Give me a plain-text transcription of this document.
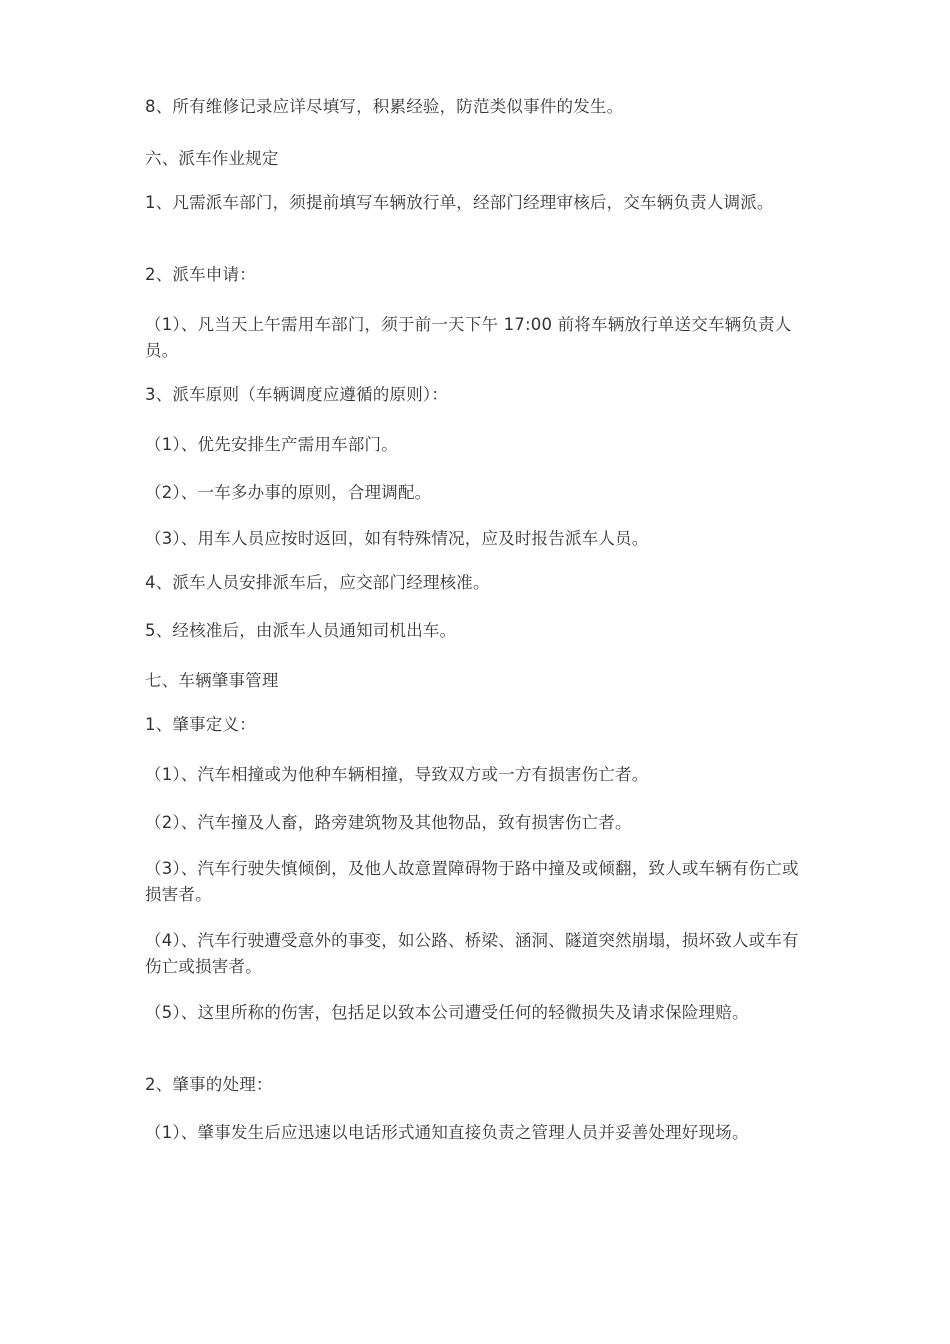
8、所有维修记录应详尽填写，积累经验，防范类似事件的发生。

六、派车作业规定

1、凡需派车部门，须提前填写车辆放行单，经部门经理审核后，交车辆负责人调派。

2、派车申请：

（1）、凡当天上午需用车部门，须于前一天下午 17:00 前将车辆放行单送交车辆负责人员。

3、派车原则（车辆调度应遵循的原则）：

（1）、优先安排生产需用车部门。

（2）、一车多办事的原则，合理调配。

（3）、用车人员应按时返回，如有特殊情况，应及时报告派车人员。

4、派车人员安排派车后，应交部门经理核准。

5、经核准后，由派车人员通知司机出车。

七、车辆肇事管理

1、肇事定义：

（1）、汽车相撞或为他种车辆相撞，导致双方或一方有损害伤亡者。

（2）、汽车撞及人畜，路旁建筑物及其他物品，致有损害伤亡者。

（3）、汽车行驶失慎倾倒，及他人故意置障碍物于路中撞及或倾翻，致人或车辆有伤亡或损害者。

（4）、汽车行驶遭受意外的事变，如公路、桥梁、涵洞、隧道突然崩塌，损坏致人或车有伤亡或损害者。

（5）、这里所称的伤害，包括足以致本公司遭受任何的轻微损失及请求保险理赔。

2、肇事的处理：

（1）、肇事发生后应迅速以电话形式通知直接负责之管理人员并妥善处理好现场。
